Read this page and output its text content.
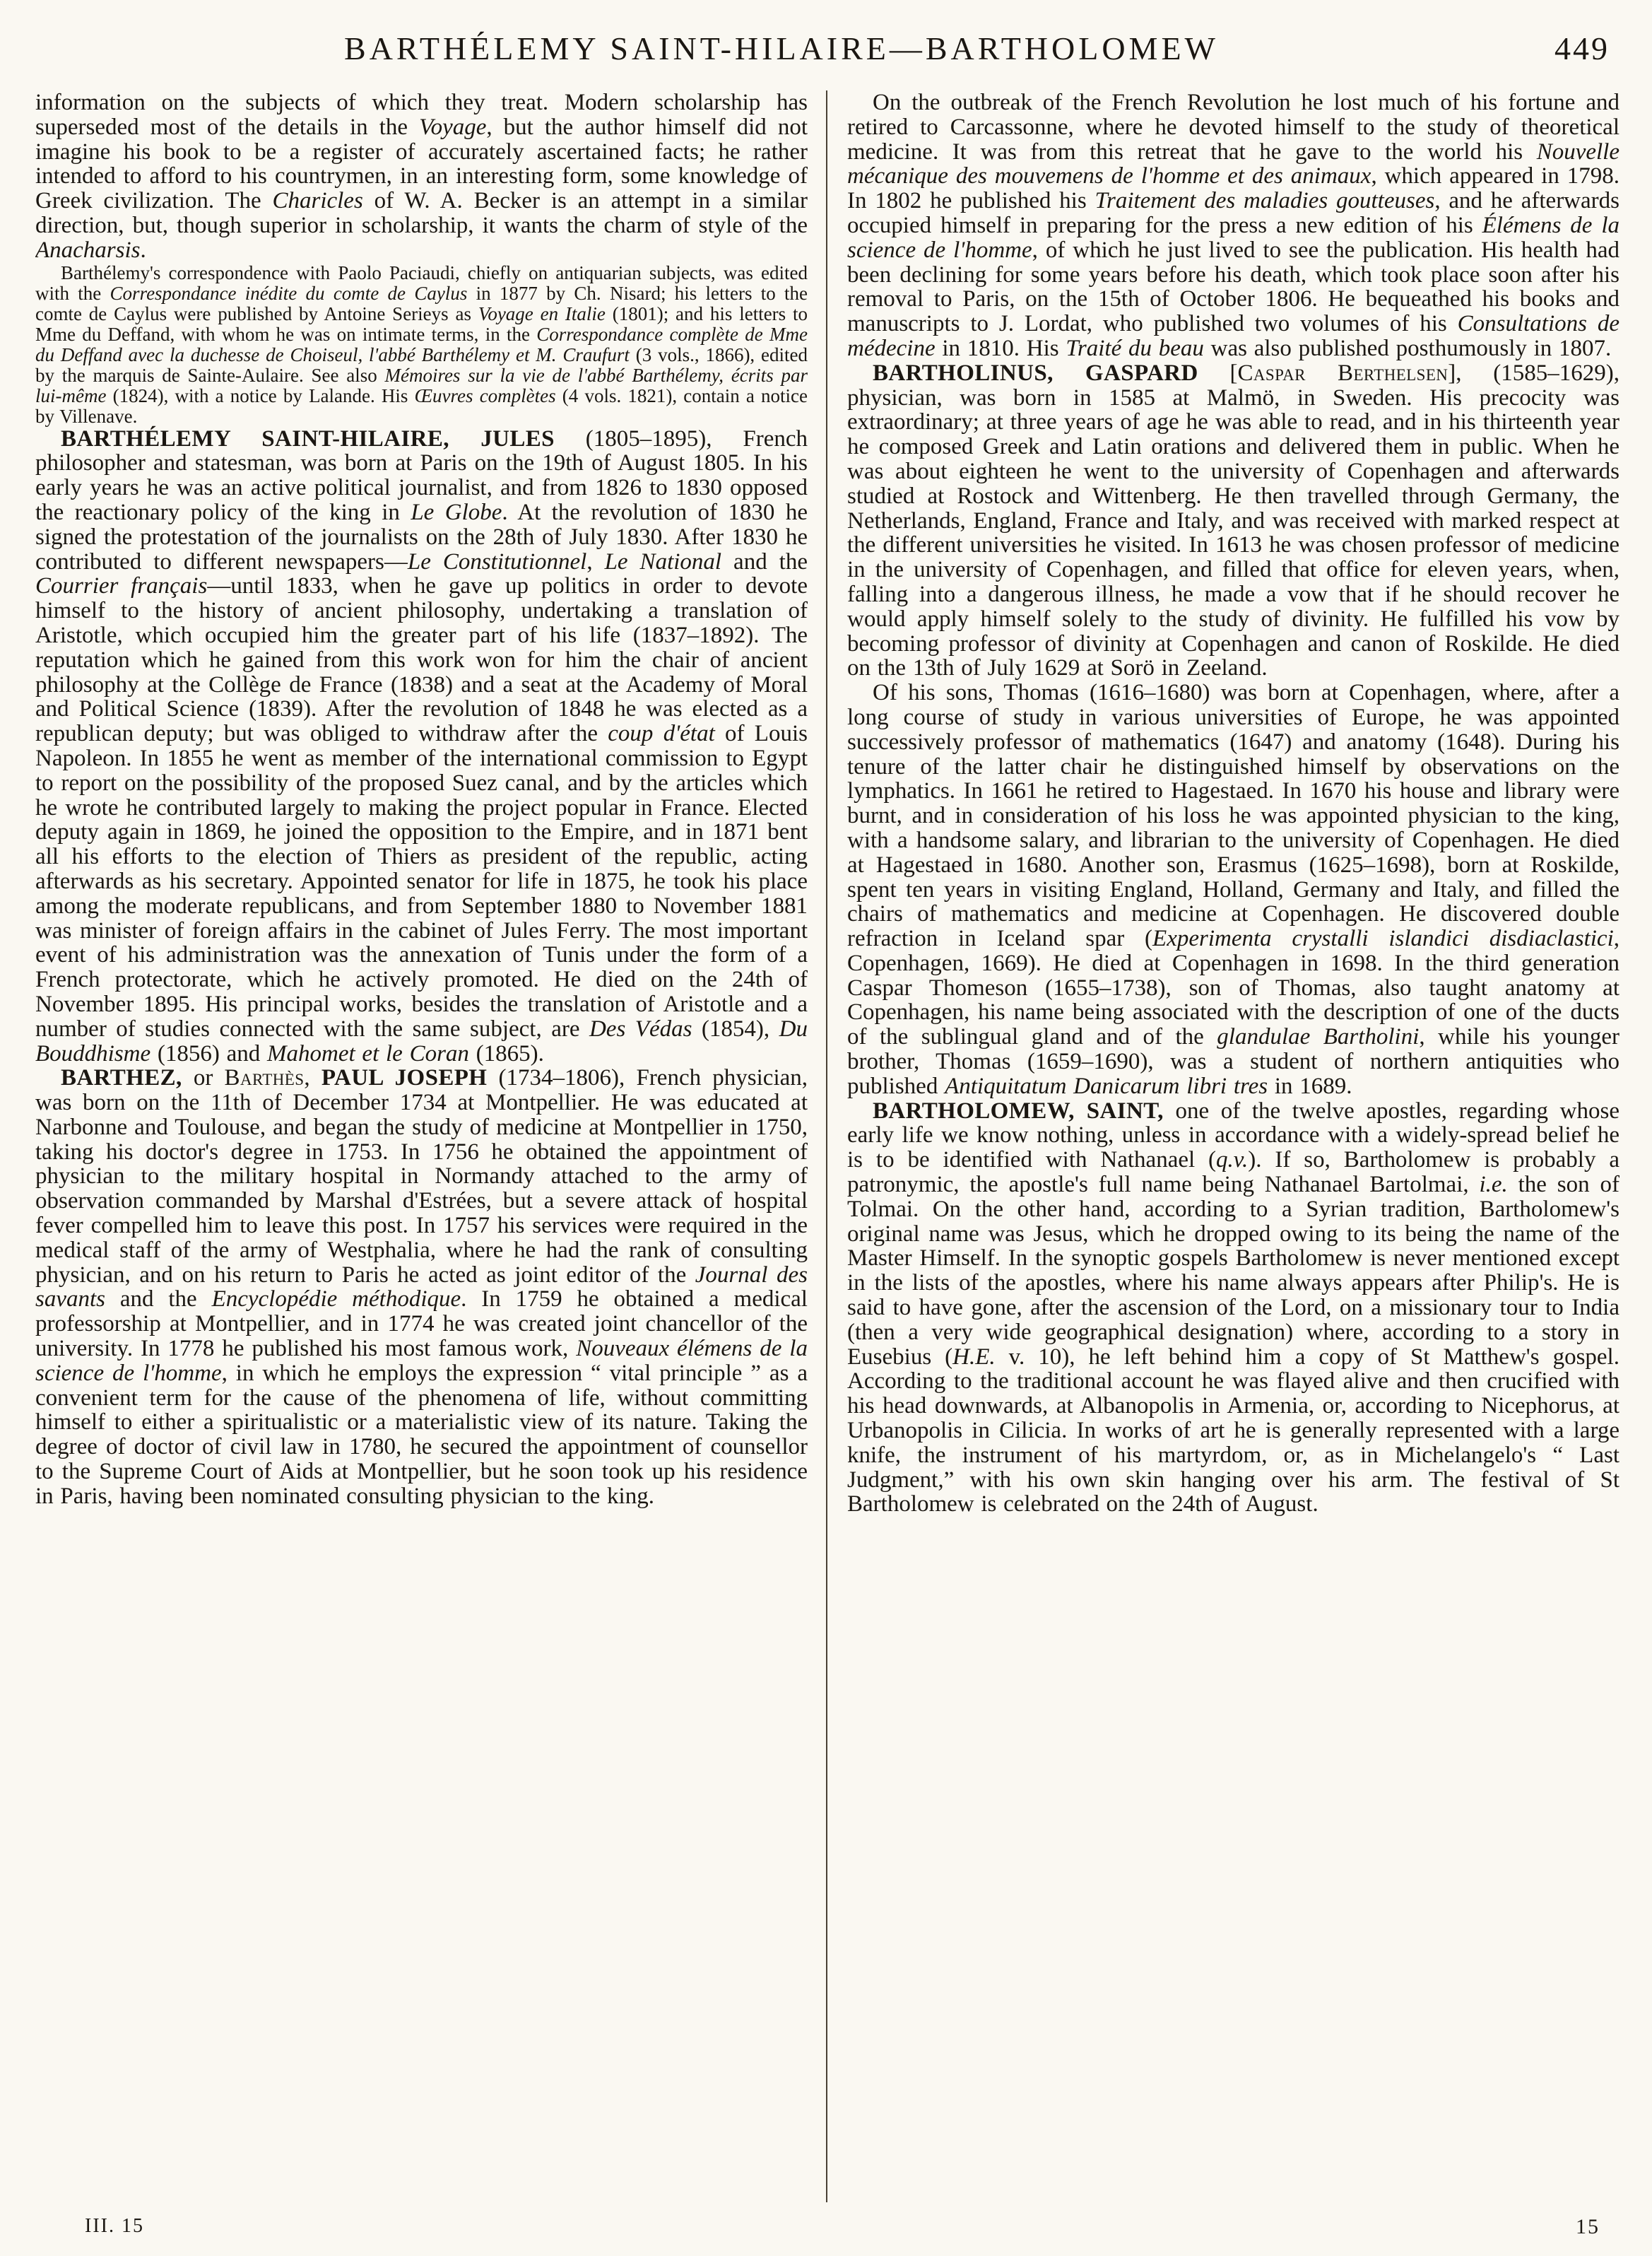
BARTHÉLEMY SAINT-HILAIRE—BARTHOLOMEW	449

information on the subjects of which they treat. Modern scholarship has superseded most of the details in the Voyage, but the author himself did not imagine his book to be a register of accurately ascertained facts; he rather intended to afford to his countrymen, in an interesting form, some knowledge of Greek civilization. The Charicles of W. A. Becker is an attempt in a similar direction, but, though superior in scholarship, it wants the charm of style of the Anacharsis.

Barthélemy's correspondence with Paolo Paciaudi, chiefly on antiquarian subjects, was edited with the Correspondance inédite du comte de Caylus in 1877 by Ch. Nisard; his letters to the comte de Caylus were published by Antoine Serieys as Voyage en Italie (1801); and his letters to Mme du Deffand, with whom he was on intimate terms, in the Correspondance complète de Mme du Deffand avec la duchesse de Choiseul, l'abbé Barthélemy et M. Craufurt (3 vols., 1866), edited by the marquis de Sainte-Aulaire. See also Mémoires sur la vie de l'abbé Barthélemy, écrits par lui-même (1824), with a notice by Lalande. His Œuvres complètes (4 vols. 1821), contain a notice by Villenave.

BARTHÉLEMY SAINT-HILAIRE, JULES (1805–1895), French philosopher and statesman, was born at Paris on the 19th of August 1805. In his early years he was an active political journalist, and from 1826 to 1830 opposed the reactionary policy of the king in Le Globe. At the revolution of 1830 he signed the protestation of the journalists on the 28th of July 1830. After 1830 he contributed to different newspapers—Le Constitutionnel, Le National and the Courrier français—until 1833, when he gave up politics in order to devote himself to the history of ancient philosophy, undertaking a translation of Aristotle, which occupied him the greater part of his life (1837–1892). The reputation which he gained from this work won for him the chair of ancient philosophy at the Collège de France (1838) and a seat at the Academy of Moral and Political Science (1839). After the revolution of 1848 he was elected as a republican deputy; but was obliged to withdraw after the coup d'état of Louis Napoleon. In 1855 he went as member of the international commission to Egypt to report on the possibility of the proposed Suez canal, and by the articles which he wrote he contributed largely to making the project popular in France. Elected deputy again in 1869, he joined the opposition to the Empire, and in 1871 bent all his efforts to the election of Thiers as president of the republic, acting afterwards as his secretary. Appointed senator for life in 1875, he took his place among the moderate republicans, and from September 1880 to November 1881 was minister of foreign affairs in the cabinet of Jules Ferry. The most important event of his administration was the annexation of Tunis under the form of a French protectorate, which he actively promoted. He died on the 24th of November 1895. His principal works, besides the translation of Aristotle and a number of studies connected with the same subject, are Des Védas (1854), Du Bouddhisme (1856) and Mahomet et le Coran (1865).

BARTHEZ, or Barthès, PAUL JOSEPH (1734–1806), French physician, was born on the 11th of December 1734 at Montpellier. He was educated at Narbonne and Toulouse, and began the study of medicine at Montpellier in 1750, taking his doctor's degree in 1753. In 1756 he obtained the appointment of physician to the military hospital in Normandy attached to the army of observation commanded by Marshal d'Estrées, but a severe attack of hospital fever compelled him to leave this post. In 1757 his services were required in the medical staff of the army of Westphalia, where he had the rank of consulting physician, and on his return to Paris he acted as joint editor of the Journal des savants and the Encyclopédie méthodique. In 1759 he obtained a medical professorship at Montpellier, and in 1774 he was created joint chancellor of the university. In 1778 he published his most famous work, Nouveaux élémens de la science de l'homme, in which he employs the expression “ vital principle ” as a convenient term for the cause of the phenomena of life, without committing himself to either a spiritualistic or a materialistic view of its nature. Taking the degree of doctor of civil law in 1780, he secured the appointment of counsellor to the Supreme Court of Aids at Montpellier, but he soon took up his residence in Paris, having been nominated consulting physician to the king.

On the outbreak of the French Revolution he lost much of his fortune and retired to Carcassonne, where he devoted himself to the study of theoretical medicine. It was from this retreat that he gave to the world his Nouvelle mécanique des mouvemens de l'homme et des animaux, which appeared in 1798. In 1802 he published his Traitement des maladies goutteuses, and he afterwards occupied himself in preparing for the press a new edition of his Élémens de la science de l'homme, of which he just lived to see the publication. His health had been declining for some years before his death, which took place soon after his removal to Paris, on the 15th of October 1806. He bequeathed his books and manuscripts to J. Lordat, who published two volumes of his Consultations de médecine in 1810. His Traité du beau was also published posthumously in 1807.

BARTHOLINUS, GASPARD [Caspar Berthelsen], (1585–1629), physician, was born in 1585 at Malmö, in Sweden. His precocity was extraordinary; at three years of age he was able to read, and in his thirteenth year he composed Greek and Latin orations and delivered them in public. When he was about eighteen he went to the university of Copenhagen and afterwards studied at Rostock and Wittenberg. He then travelled through Germany, the Netherlands, England, France and Italy, and was received with marked respect at the different universities he visited. In 1613 he was chosen professor of medicine in the university of Copenhagen, and filled that office for eleven years, when, falling into a dangerous illness, he made a vow that if he should recover he would apply himself solely to the study of divinity. He fulfilled his vow by becoming professor of divinity at Copenhagen and canon of Roskilde. He died on the 13th of July 1629 at Sorö in Zeeland.

Of his sons, Thomas (1616–1680) was born at Copenhagen, where, after a long course of study in various universities of Europe, he was appointed successively professor of mathematics (1647) and anatomy (1648). During his tenure of the latter chair he distinguished himself by observations on the lymphatics. In 1661 he retired to Hagestaed. In 1670 his house and library were burnt, and in consideration of his loss he was appointed physician to the king, with a handsome salary, and librarian to the university of Copenhagen. He died at Hagestaed in 1680. Another son, Erasmus (1625–1698), born at Roskilde, spent ten years in visiting England, Holland, Germany and Italy, and filled the chairs of mathematics and medicine at Copenhagen. He discovered double refraction in Iceland spar (Experimenta crystalli islandici disdiaclastici, Copenhagen, 1669). He died at Copenhagen in 1698. In the third generation Caspar Thomeson (1655–1738), son of Thomas, also taught anatomy at Copenhagen, his name being associated with the description of one of the ducts of the sublingual gland and of the glandulae Bartholini, while his younger brother, Thomas (1659–1690), was a student of northern antiquities who published Antiquitatum Danicarum libri tres in 1689.

BARTHOLOMEW, SAINT, one of the twelve apostles, regarding whose early life we know nothing, unless in accordance with a widely-spread belief he is to be identified with Nathanael (q.v.). If so, Bartholomew is probably a patronymic, the apostle's full name being Nathanael Bartolmai, i.e. the son of Tolmai. On the other hand, according to a Syrian tradition, Bartholomew's original name was Jesus, which he dropped owing to its being the name of the Master Himself. In the synoptic gospels Bartholomew is never mentioned except in the lists of the apostles, where his name always appears after Philip's. He is said to have gone, after the ascension of the Lord, on a missionary tour to India (then a very wide geographical designation) where, according to a story in Eusebius (H.E. v. 10), he left behind him a copy of St Matthew's gospel. According to the traditional account he was flayed alive and then crucified with his head downwards, at Albanopolis in Armenia, or, according to Nicephorus, at Urbanopolis in Cilicia. In works of art he is generally represented with a large knife, the instrument of his martyrdom, or, as in Michelangelo's “ Last Judgment,” with his own skin hanging over his arm. The festival of St Bartholomew is celebrated on the 24th of August.

III. 15	15
